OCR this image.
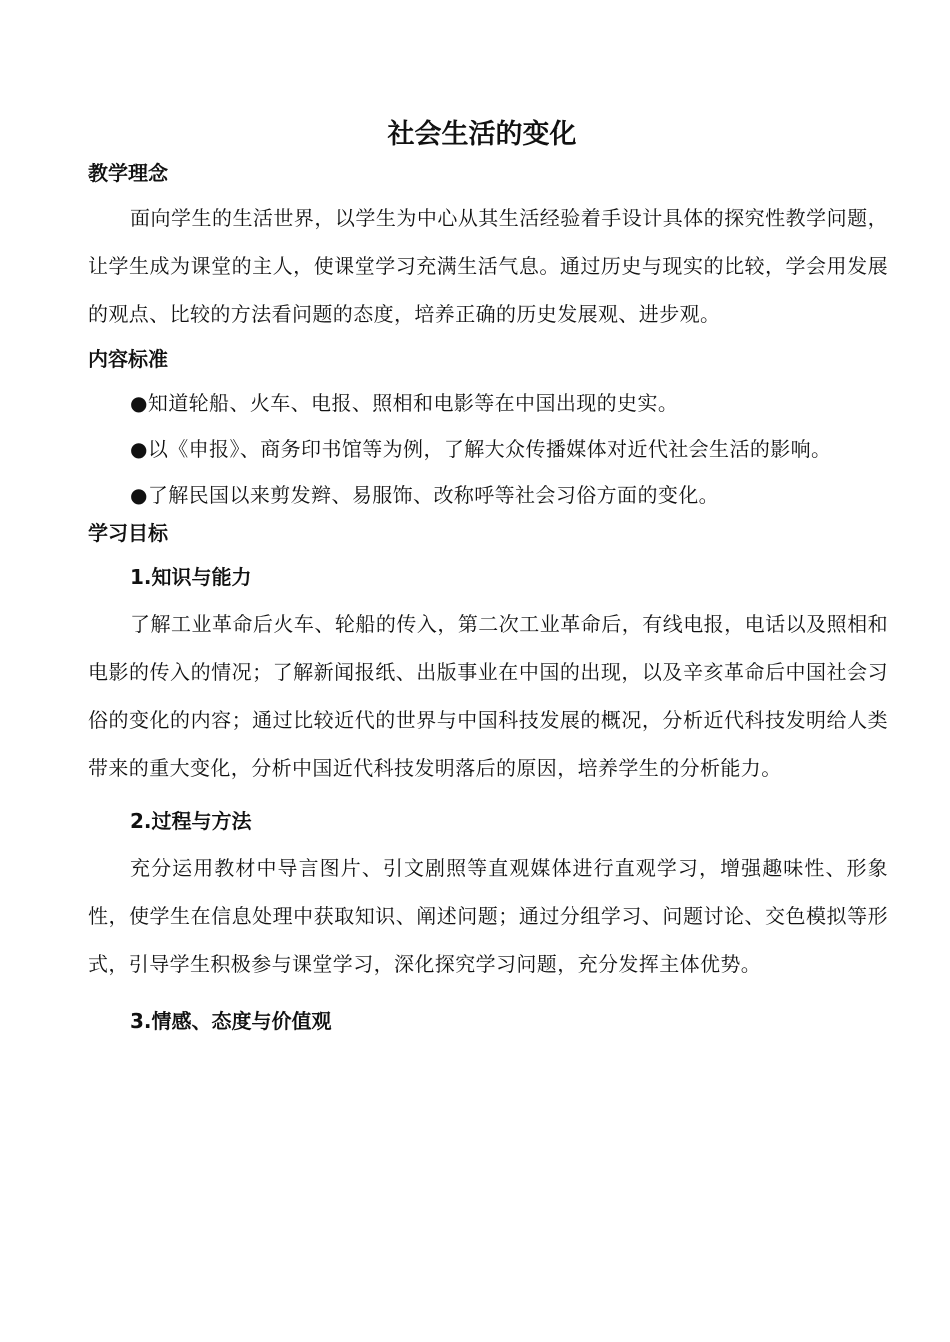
社会生活的变化
教学理念

面向学生的生活世界，以学生为中心从其生活经验着手设计具体的探究性教学问题，让学生成为课堂的主人，使课堂学习充满生活气息。通过历史与现实的比较，学会用发展的观点、比较的方法看问题的态度，培养正确的历史发展观、进步观。

内容标准

●知道轮船、火车、电报、照相和电影等在中国出现的史实。

●以《申报》、商务印书馆等为例，了解大众传播媒体对近代社会生活的影响。

●了解民国以来剪发辫、易服饰、改称呼等社会习俗方面的变化。

学习目标
1.知识与能力

了解工业革命后火车、轮船的传入，第二次工业革命后，有线电报，电话以及照相和电影的传入的情况；了解新闻报纸、出版事业在中国的出现，以及辛亥革命后中国社会习俗的变化的内容；通过比较近代的世界与中国科技发展的概况，分析近代科技发明给人类带来的重大变化，分析中国近代科技发明落后的原因，培养学生的分析能力。

2.过程与方法

充分运用教材中导言图片、引文剧照等直观媒体进行直观学习，增强趣味性、形象性，使学生在信息处理中获取知识、阐述问题；通过分组学习、问题讨论、交色模拟等形式，引导学生积极参与课堂学习，深化探究学习问题，充分发挥主体优势。

3.情感、态度与价值观
